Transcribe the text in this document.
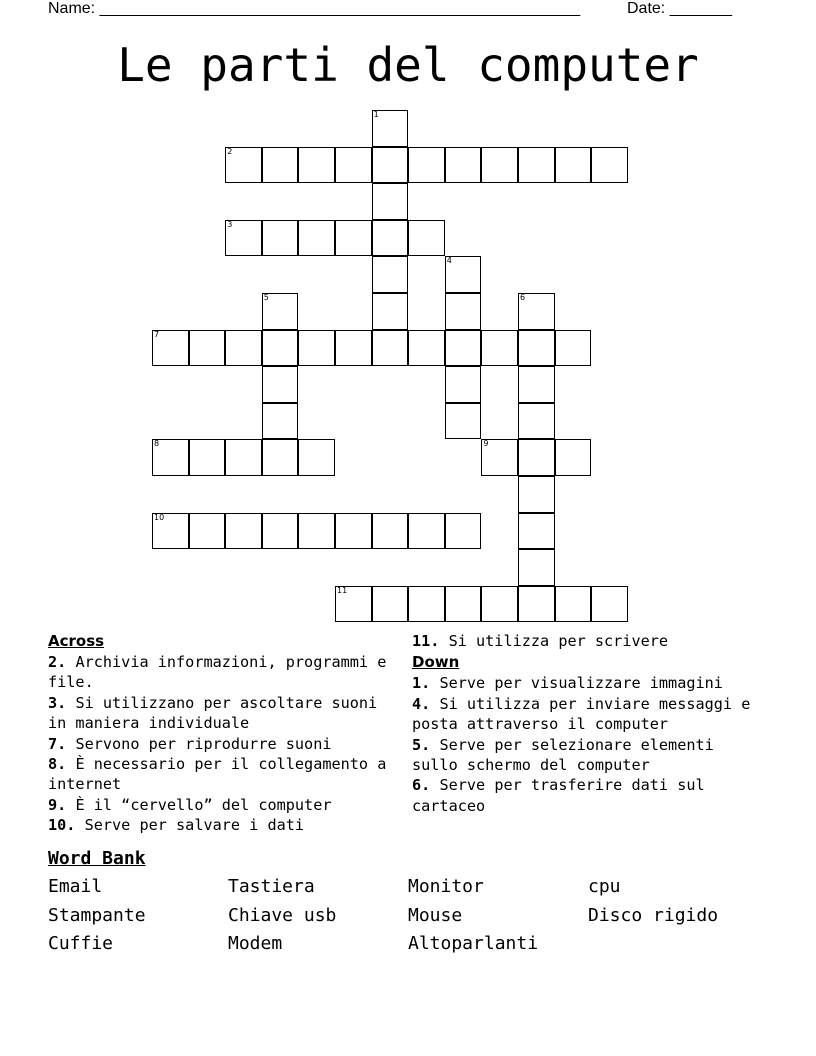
Name: ______________________________________________________	Date: _______
Le parti del computer
1
2
3
4
5	6
7
8	9
10
11
Across
2. Archivia informazioni, programmi e file.
3. Si utilizzano per ascoltare suoni in maniera individuale
7. Servono per riprodurre suoni
8. È necessario per il collegamento a internet
9. È il “cervello” del computer
10. Serve per salvare i dati
11. Si utilizza per scrivere
Down
1. Serve per visualizzare immagini
4. Si utilizza per inviare messaggi e posta attraverso il computer
5. Serve per selezionare elementi sullo schermo del computer
6. Serve per trasferire dati sul cartaceo
Word Bank
Email	Tastiera	Monitor	cpu
Stampante	Chiave usb	Mouse	Disco rigido
Cuffie	Modem	Altoparlanti
